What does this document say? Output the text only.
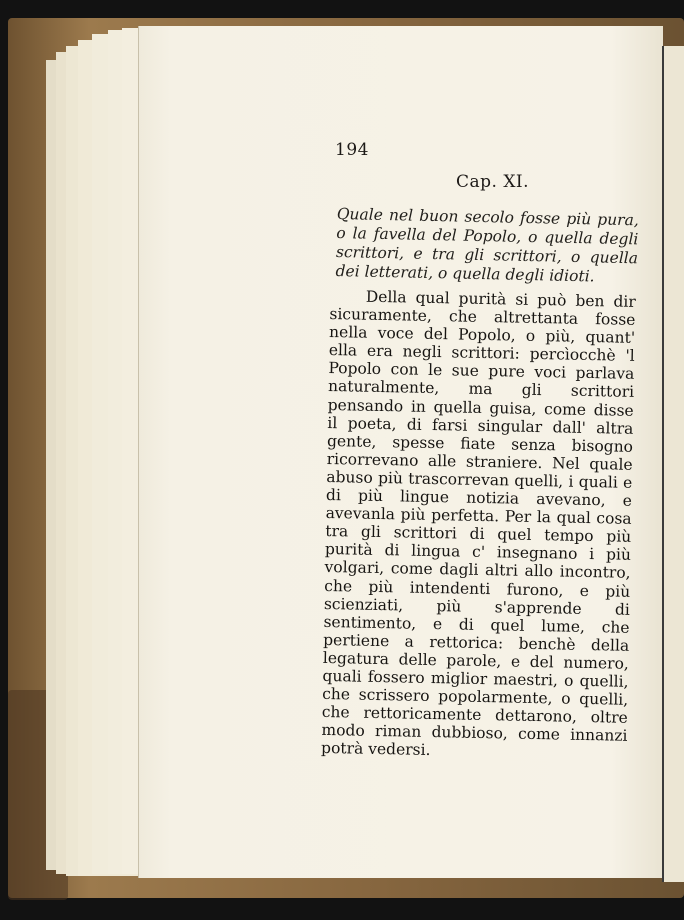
194
Cap. XI.
Quale nel buon secolo fosse più pura, o la favella del Popolo, o quella degli scrittori, e tra gli scrittori, o quella dei letterati, o quella degli idioti.

Della qual purità si può ben dir sicuramente, che altrettanta fosse nella voce del Popolo, o più, quant' ella era negli scrittori: percìocchè 'l Popolo con le sue pure voci parlava naturalmente, ma gli scrittori pensando in quella guisa, come disse il poeta, di farsi singular dall' altra gente, spesse fiate senza bisogno ricorrevano alle straniere. Nel quale abuso più trascorrevan quelli, i quali e di più lingue notizia avevano, e avevanla più perfetta. Per la qual cosa tra gli scrittori di quel tempo più purità di lingua c' insegnano i più volgari, come dagli altri allo incontro, che più intendenti furono, e più scienziati, più s'apprende di sentimento, e di quel lume, che pertiene a rettorica: benchè della legatura delle parole, e del numero, quali fossero miglior maestri, o quelli, che scrissero popolarmente, o quelli, che rettoricamente dettarono, oltre modo riman dubbioso, come innanzi potrà vedersi.
